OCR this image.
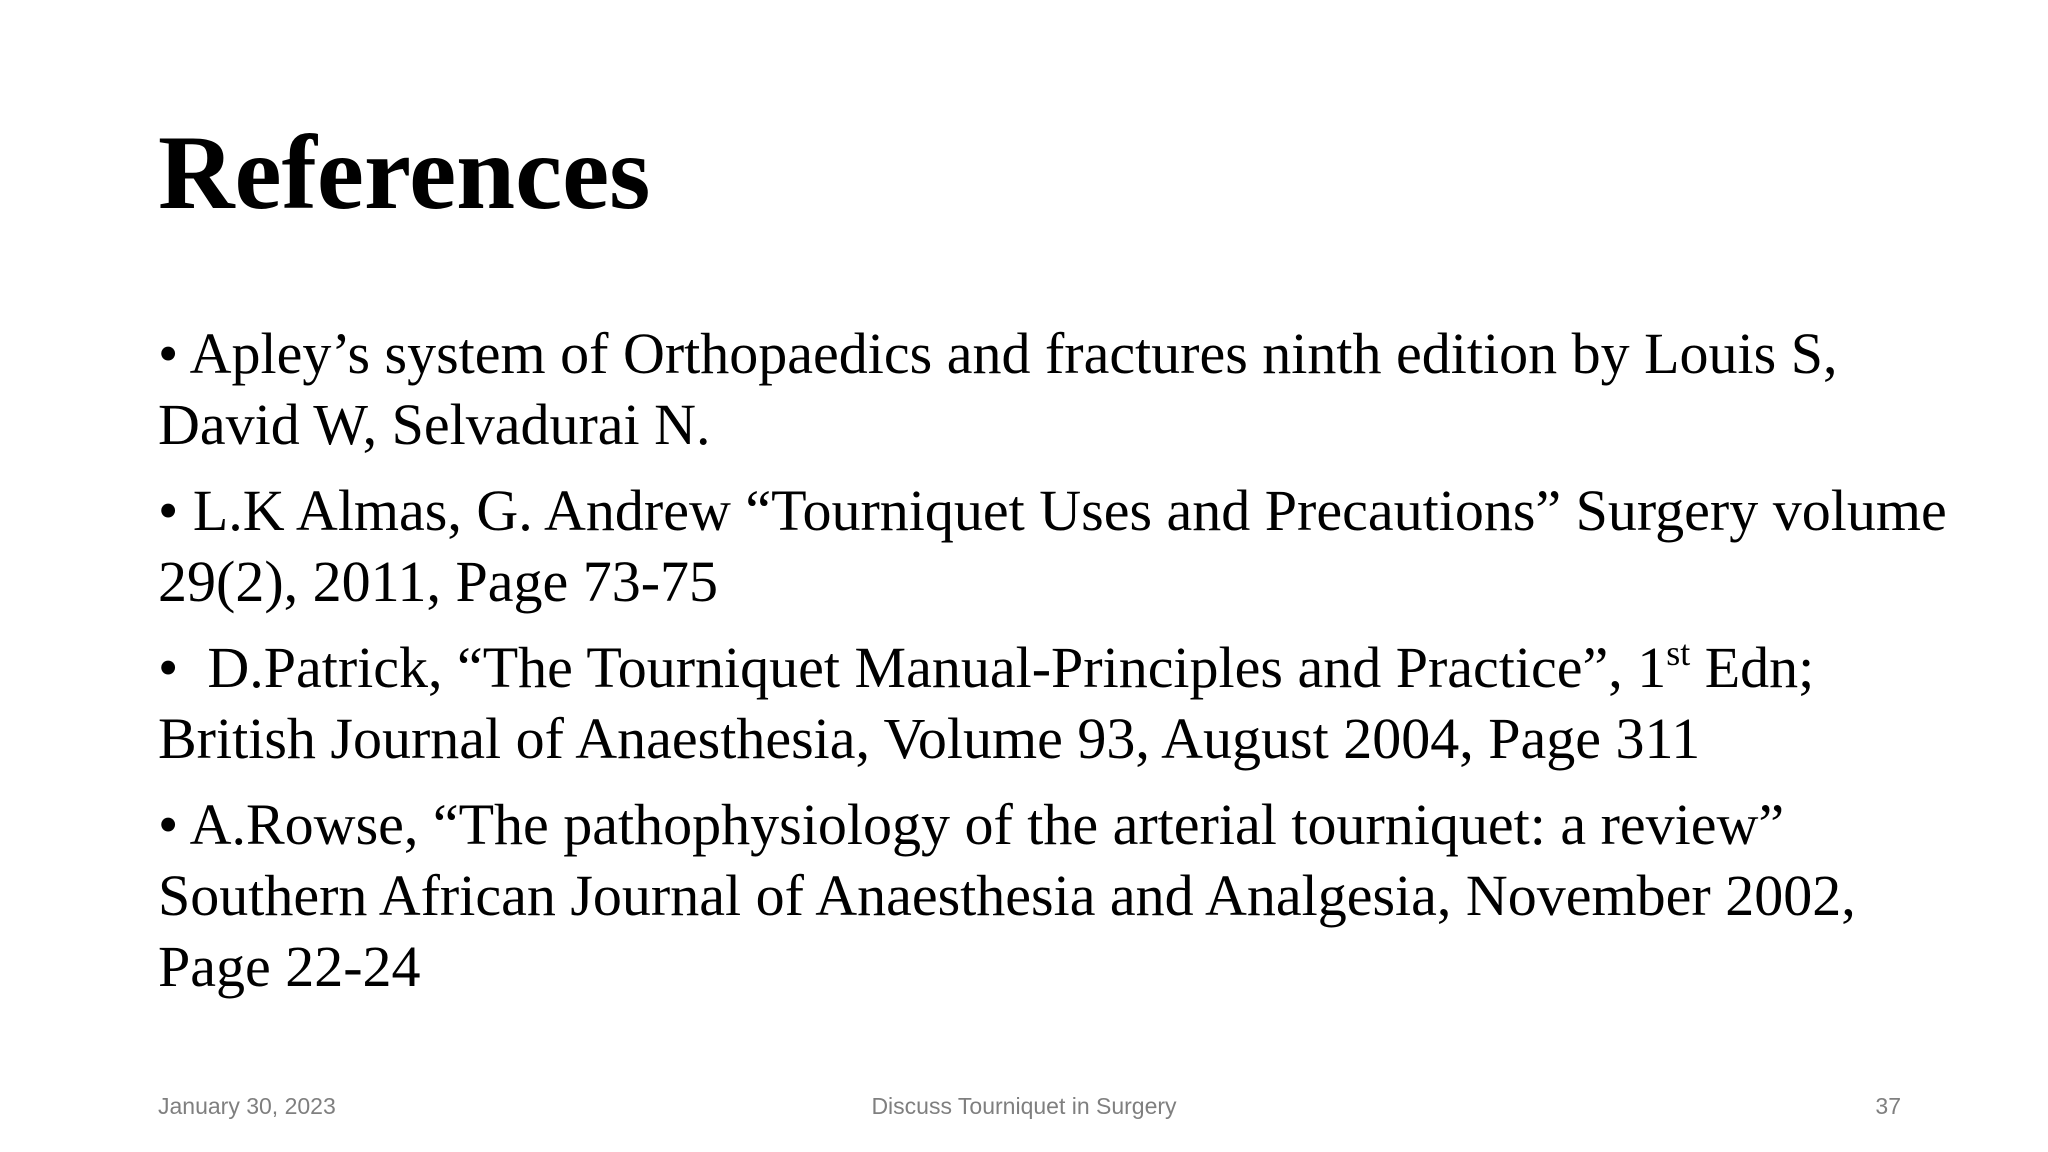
References
• Apley’s system of Orthopaedics and fractures ninth edition by Louis S, David W, Selvadurai N.
• L.K Almas, G. Andrew “Tourniquet Uses and Precautions” Surgery volume 29(2), 2011, Page 73-75
•  D.Patrick, “The Tourniquet Manual-Principles and Practice”, 1st Edn; British Journal of Anaesthesia, Volume 93, August 2004, Page 311
• A.Rowse, “The pathophysiology of the arterial tourniquet: a review” Southern African Journal of Anaesthesia and Analgesia, November 2002, Page 22-24
January 30, 2023	Discuss Tourniquet in Surgery	37
